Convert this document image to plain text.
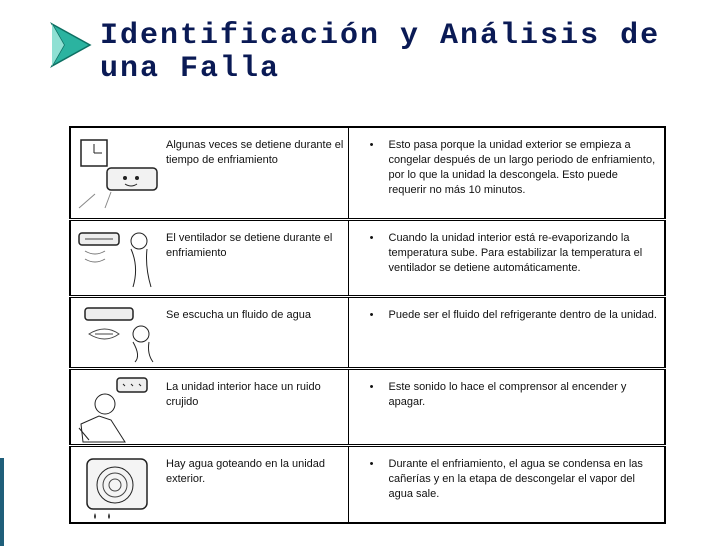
Identificación y Análisis de una Falla
Algunas veces se detiene durante el tiempo de enfriamiento	• Esto pasa porque la unidad exterior se empieza a congelar después de un largo periodo de enfriamiento, por lo que la unidad la descongela. Esto puede requerir no más 10 minutos.

El ventilador se detiene durante el enfriamiento	• Cuando la unidad interior está re-evaporizando la temperatura sube. Para estabilizar la temperatura el ventilador se detiene automáticamente.

Se escucha un fluido de agua	• Puede ser el fluido del refrigerante dentro de la unidad.

La unidad interior hace un ruido crujido	• Este sonido lo hace el comprensor al encender y apagar.

Hay agua goteando en la unidad exterior.	• Durante el enfriamiento, el agua se condensa en las cañerías y en la etapa de descongelar el vapor del agua sale.
